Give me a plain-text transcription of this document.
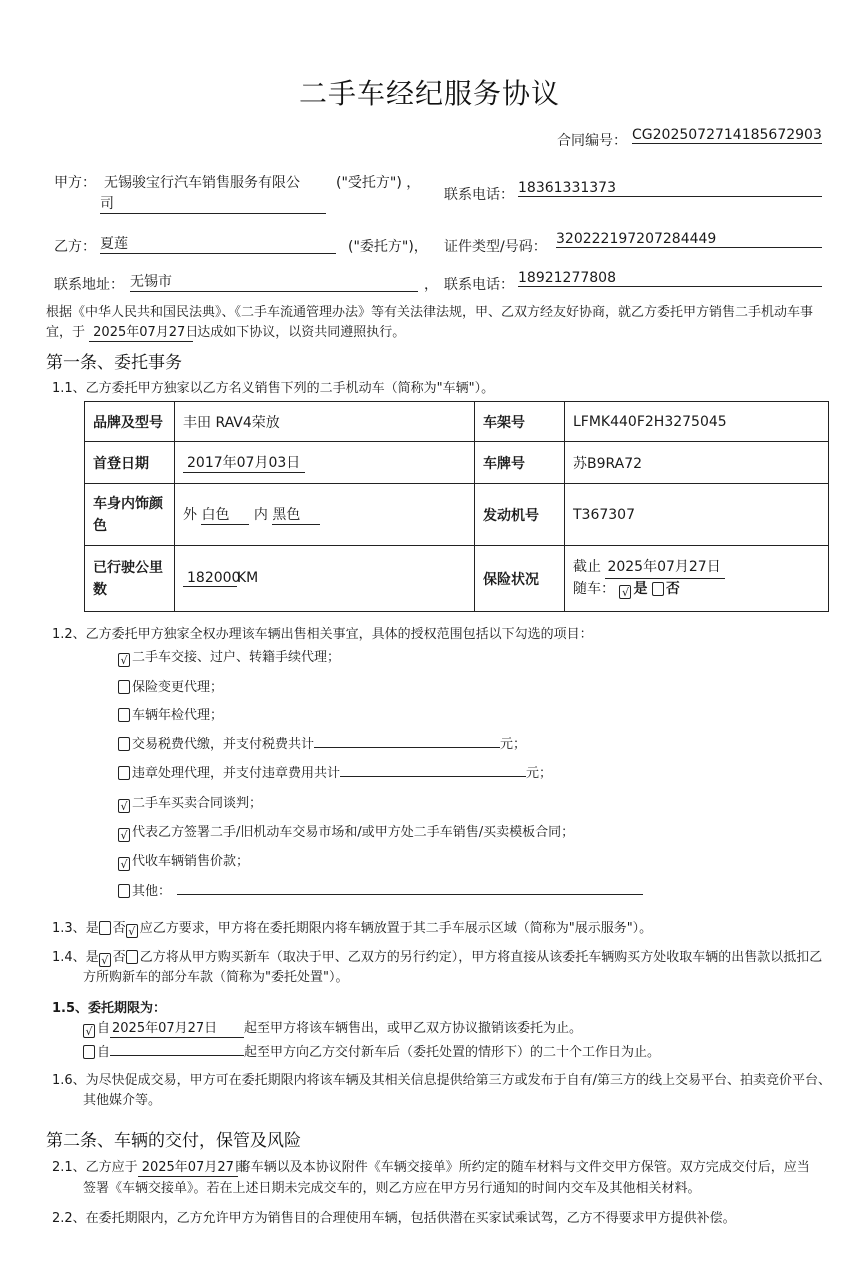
二手车经纪服务协议
合同编号： CG2025072714185672903
甲方： 无锡骏宝行汽车销售服务有限公
司
("受托方") ，
联系电话： 18361331373
乙方： 夏莲	("委托方")， 证件类型/号码： 320222197207284449
联系地址： 无锡市	， 联系电话： 18921277808
根据《中华人民共和国民法典》、《二手车流通管理办法》等有关法律法规，甲、乙双方经友好协商，就乙方委托甲方销售二手机动车事
宜，于 2025年07月27日 达成如下协议，以资共同遵照执行。
第一条、委托事务
1.1、乙方委托甲方独家以乙方名义销售下列的二手机动车（简称为"车辆"）。
品牌及型号	丰田 RAV4荣放	车架号	LFMK440F2H3275045
首登日期	2017年07月03日	车牌号	苏B9RA72
车身内饰颜色	外 白色 内 黑色	发动机号	T367307
已行驶公里数	182000KM	保险状况	截止 2025年07月27日
随车： √ 是 否
1.2、乙方委托甲方独家全权办理该车辆出售相关事宜，具体的授权范围包括以下勾选的项目：
√ 二手车交接、过户、转籍手续代理；
保险变更代理；
车辆年检代理；
交易税费代缴，并支付税费共计	元；
违章处理代理，并支付违章费用共计	元；
√ 二手车买卖合同谈判；
√ 代表乙方签署二手/旧机动车交易市场和/或甲方处二手车销售/买卖模板合同；
√ 代收车辆销售价款；
其他：
1.3、是 否 √ 应乙方要求，甲方将在委托期限内将车辆放置于其二手车展示区域（简称为"展示服务"）。
1.4、是 √ 否 乙方将从甲方购买新车（取决于甲、乙双方的另行约定），甲方将直接从该委托车辆购买方处收取车辆的出售款以抵扣乙
方所购新车的部分车款（简称为"委托处置"）。
1.5、委托期限为：
√ 自 2025年07月27日 起至甲方将该车辆售出，或甲乙双方协议撤销该委托为止。
自	起至甲方向乙方交付新车后（委托处置的情形下）的二十个工作日为止。
1.6、为尽快促成交易，甲方可在委托期限内将该车辆及其相关信息提供给第三方或发布于自有/第三方的线上交易平台、拍卖竞价平台、
其他媒介等。
第二条、车辆的交付，保管及风险
2.1、乙方应于 2025年07月27日将车辆以及本协议附件《车辆交接单》所约定的随车材料与文件交甲方保管。双方完成交付后，应当
签署《车辆交接单》。若在上述日期未完成交车的，则乙方应在甲方另行通知的时间内交车及其他相关材料。
2.2、在委托期限内，乙方允许甲方为销售目的合理使用车辆，包括供潜在买家试乘试驾，乙方不得要求甲方提供补偿。
